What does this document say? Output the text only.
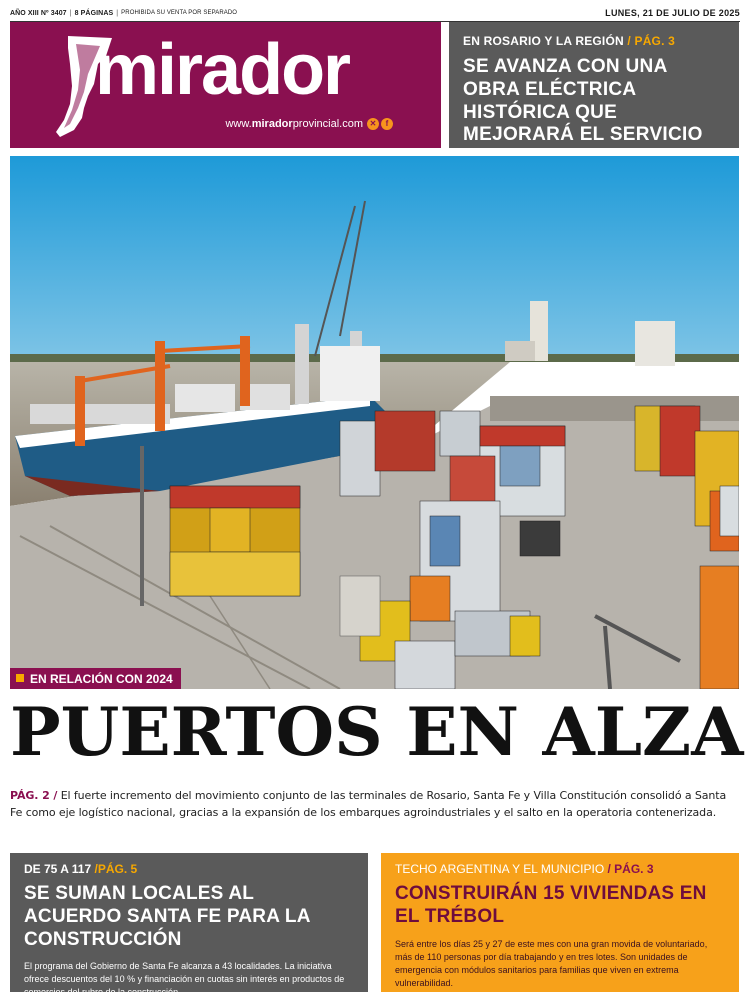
AÑO XIII Nº 3407 | 8 PÁGINAS | PROHIBIDA SU VENTA POR SEPARADO	LUNES, 21 DE JULIO DE 2025
mirador
www.miradorprovincial.com ✕	f
EN ROSARIO Y LA REGIÓN / PÁG. 3
SE AVANZA CON UNA OBRA ELÉCTRICA HISTÓRICA QUE MEJORARÁ EL SERVICIO
EN RELACIÓN CON 2024
PUERTOS EN ALZA
PÁG. 2 / El fuerte incremento del movimiento conjunto de las terminales de Rosario, Santa Fe y Villa Constitución consolidó a Santa Fe como eje logístico nacional, gracias a la expansión de los embarques agroindustriales y el salto en la operatoria contenerizada.
DE 75 A 117 /PÁG. 5
SE SUMAN LOCALES AL ACUERDO SANTA FE PARA LA CONSTRUCCIÓN
El programa del Gobierno de Santa Fe alcanza a 43 localidades. La iniciativa ofrece descuentos del 10 % y financiación en cuotas sin interés en productos de comercios del rubro de la construcción.
TECHO ARGENTINA Y EL MUNICIPIO / PÁG. 3
CONSTRUIRÁN 15 VIVIENDAS EN EL TRÉBOL
Será entre los días 25 y 27 de este mes con una gran movida de voluntariado, más de 110 personas por día trabajando y en tres lotes. Son unidades de emergencia con módulos sanitarios para familias que viven en extrema vulnerabilidad.
